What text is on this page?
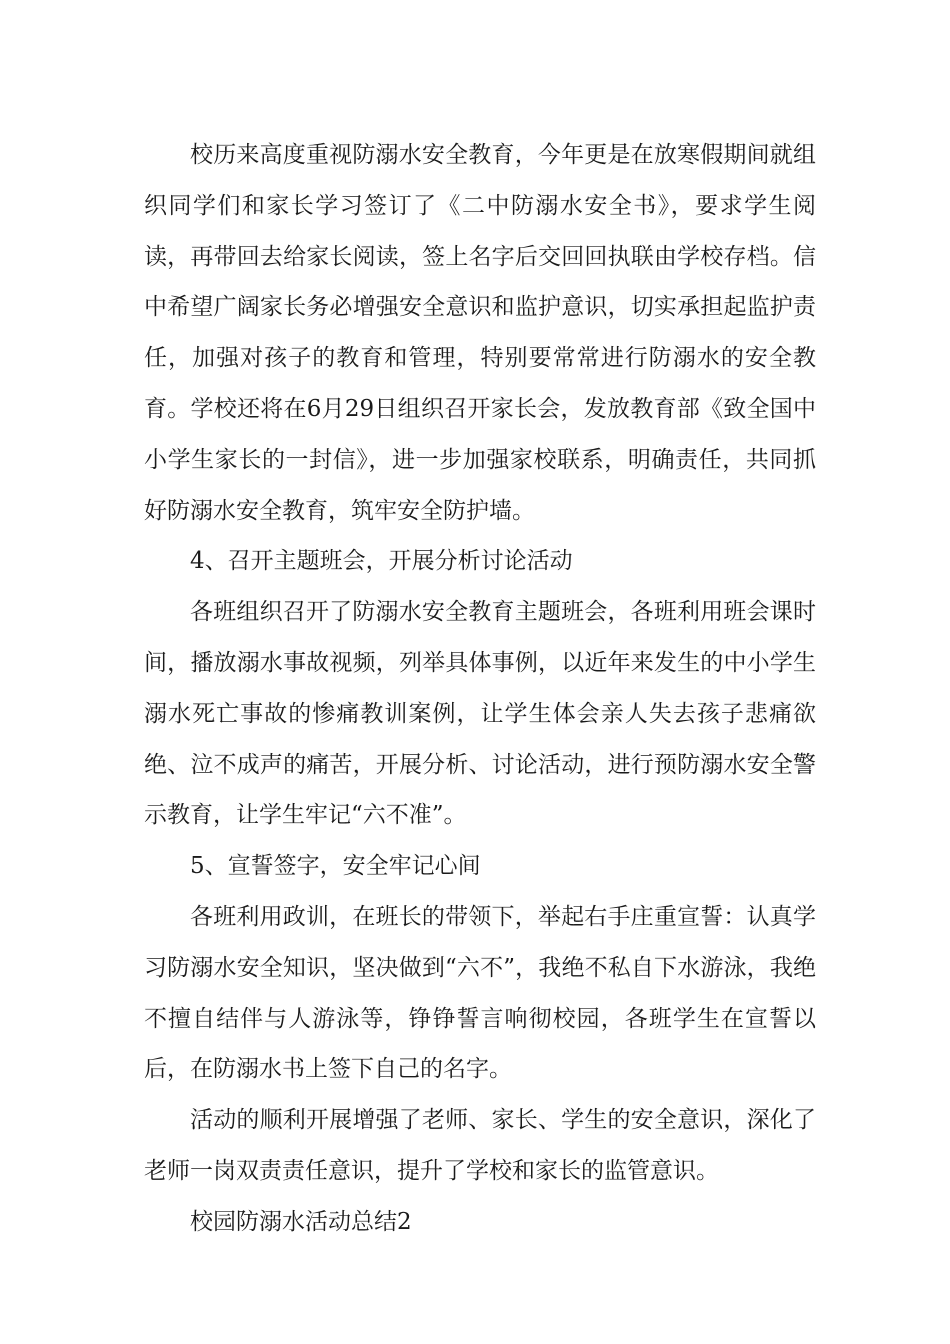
校历来高度重视防溺水安全教育，今年更是在放寒假期间就组织同学们和家长学习签订了《二中防溺水安全书》，要求学生阅读，再带回去给家长阅读，签上名字后交回回执联由学校存档。信中希望广阔家长务必增强安全意识和监护意识，切实承担起监护责任，加强对孩子的教育和管理，特别要常常进行防溺水的安全教育。学校还将在6月29日组织召开家长会，发放教育部《致全国中小学生家长的一封信》，进一步加强家校联系，明确责任，共同抓好防溺水安全教育，筑牢安全防护墙。

4、召开主题班会，开展分析讨论活动

各班组织召开了防溺水安全教育主题班会，各班利用班会课时间，播放溺水事故视频，列举具体事例，以近年来发生的中小学生溺水死亡事故的惨痛教训案例，让学生体会亲人失去孩子悲痛欲绝、泣不成声的痛苦，开展分析、讨论活动，进行预防溺水安全警示教育，让学生牢记“六不准”。

5、宣誓签字，安全牢记心间

各班利用政训，在班长的带领下，举起右手庄重宣誓：认真学习防溺水安全知识，坚决做到“六不”，我绝不私自下水游泳，我绝不擅自结伴与人游泳等，铮铮誓言响彻校园，各班学生在宣誓以后，在防溺水书上签下自己的名字。

活动的顺利开展增强了老师、家长、学生的安全意识，深化了老师一岗双责责任意识，提升了学校和家长的监管意识。

校园防溺水活动总结2
